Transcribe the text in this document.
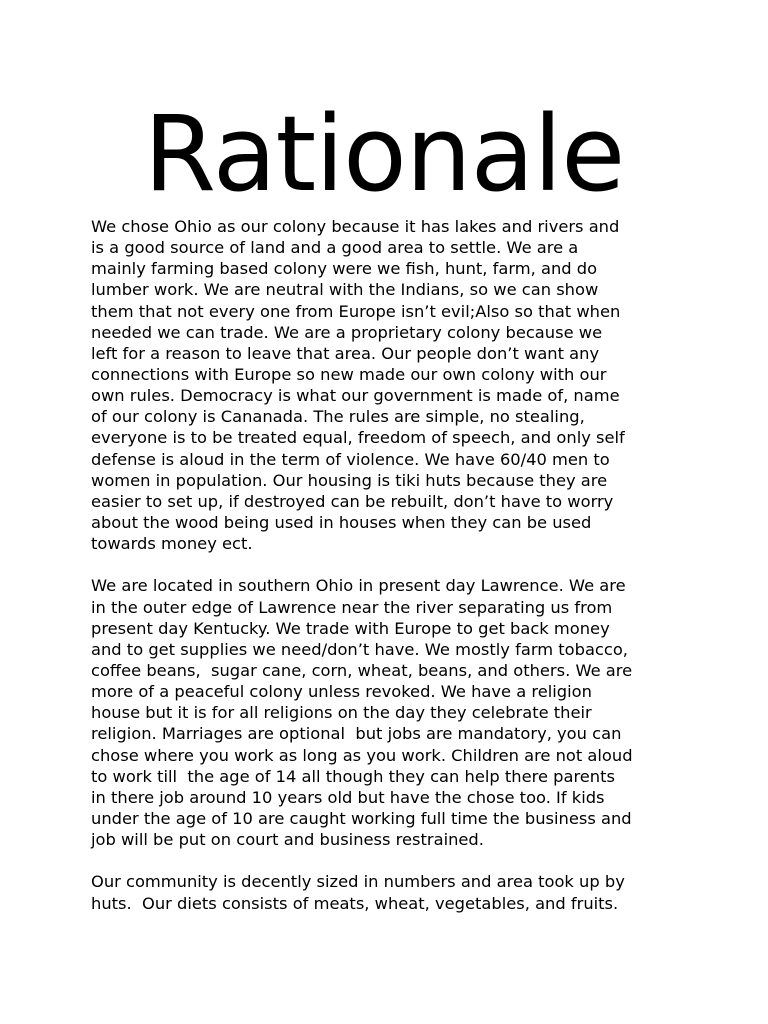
Rationale
We chose Ohio as our colony because it has lakes and rivers and
is a good source of land and a good area to settle. We are a
mainly farming based colony were we fish, hunt, farm, and do
lumber work. We are neutral with the Indians, so we can show
them that not every one from Europe isn’t evil;Also so that when
needed we can trade. We are a proprietary colony because we
left for a reason to leave that area. Our people don’t want any
connections with Europe so new made our own colony with our
own rules. Democracy is what our government is made of, name
of our colony is Cananada. The rules are simple, no stealing,
everyone is to be treated equal, freedom of speech, and only self
defense is aloud in the term of violence. We have 60/40 men to
women in population. Our housing is tiki huts because they are
easier to set up, if destroyed can be rebuilt, don’t have to worry
about the wood being used in houses when they can be used
towards money ect.
We are located in southern Ohio in present day Lawrence. We are
in the outer edge of Lawrence near the river separating us from
present day Kentucky. We trade with Europe to get back money
and to get supplies we need/don’t have. We mostly farm tobacco,
coffee beans,  sugar cane, corn, wheat, beans, and others. We are
more of a peaceful colony unless revoked. We have a religion
house but it is for all religions on the day they celebrate their
religion. Marriages are optional  but jobs are mandatory, you can
chose where you work as long as you work. Children are not aloud
to work till  the age of 14 all though they can help there parents
in there job around 10 years old but have the chose too. If kids
under the age of 10 are caught working full time the business and
job will be put on court and business restrained.
Our community is decently sized in numbers and area took up by
huts.  Our diets consists of meats, wheat, vegetables, and fruits.
